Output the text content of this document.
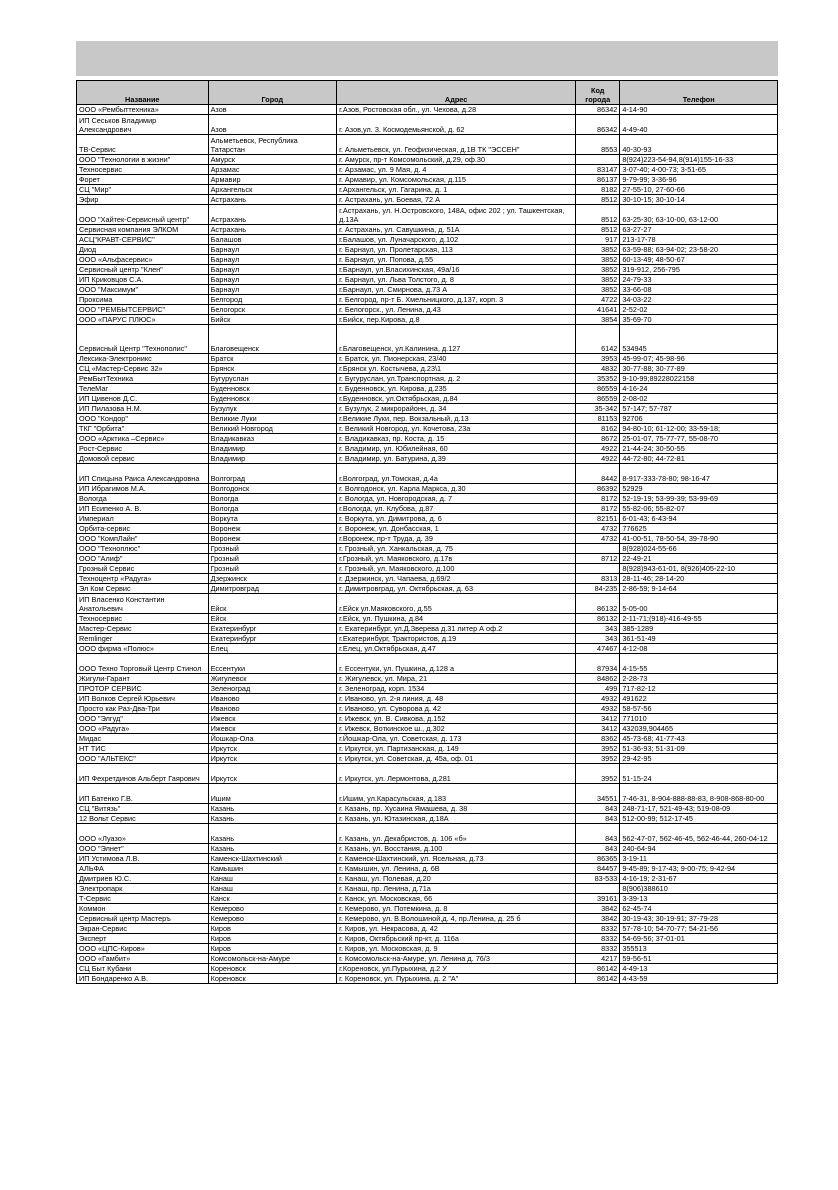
Название	Город	Адрес	Код города	Телефон
ООО «Рембыттехника»	Азов	г.Азов, Ростовская обл., ул. Чехова, д.28	86342	4-14-90
ИП Сеськов Владимир Александрович	Азов	г. Азов,ул. 3. Космодемьянской, д. 62	86342	4-49-40
ТВ-Сервис	Альметьевск, Республика Татарстан	г. Альметьевск, ул. Геофизическая, д.1В ТК "ЭССЕН"	8553	40-30-93
ООО "Технологии в жизни"	Амурск	г. Амурск, пр-т Комсомольский, д.29, оф.30		8(924)223-54-94,8(914)155-16-33
Техносервис	Арзамас	г. Арзамас, ул. 9 Мая, д. 4	83147	3-07-40; 4-00-73; 3-51-65
Форет	Армавир	г. Армавир, ул. Комсомольская, д.115	86137	9-79-99; 3-36-96
СЦ "Мир"	Архангельск	г.Архангельск, ул. Гагарина, д. 1	8182	27-55-10, 27-60-66
Эфир	Астрахань	г. Астрахань, ул. Боевая, 72 А	8512	30-10-15; 30-10-14
ООО "Хайтек-Сервисный центр"	Астрахань	г.Астрахань, ул. Н.Островского, 148А, офис 202 ; ул. Ташкентская, д.13А	8512	63-25-30; 63-10-00, 63-12-00
Сервисная компания ЭЛКОМ	Астрахань	г. Астрахань, ул. Савушкина, д. 51А	8512	63-27-27
АСЦ"КРАВТ-СЕРВИС"	Балашов	г.Балашов, ул. Луначарского, д.102	917	213-17-78
Диод	Барнаул	г. Барнаул, ул. Пролетарская, 113	3852	63-59-88; 63-94-02; 23-58-20
ООО «Альфасервис»	Барнаул	г. Барнаул, ул. Попова, д.55	3852	60-13-49; 48-50-67
Сервисный центр "Клен"	Барнаул	г.Барнаул, ул.Власихинская, 49а/16	3852	319-912, 256-795
ИП Криковцов С.А.	Барнаул	г. Барнаул, ул. Льва Толстого, д. 8	3852	24-79-33
ООО "Максимум"	Барнаул	г.Барнаул, ул. Смирнова, д.73 А	3852	33-66-08
Проксима	Белгород	г. Белгород, пр-т Б. Хмельницкого, д.137, корп. 3	4722	34-03-22
ООО "РЕМБЫТСЕРВИС"	Белогорск	г. Белогорск., ул. Ленина, д.43	41641	2-52-02
ООО «ПАРУС ПЛЮС»	Бийск	г.Бийск, пер.Кирова, д.8	3854	35-69-70
Сервисный Центр "Технополис"	Благовещенск	г.Благовещенск, ул.Калинина, д.127	6142	534945
Лексика-Электроникс	Братск	г. Братск, ул. Пионерская, 23/40	3953	45-99-07; 45-98-96
СЦ «Мастер-Сервис 32»	Брянск	г.Брянск ул. Костычева, д.23\1	4832	30-77-88; 30-77-89
РемБытТехника	Бугуруслан	г. Бугуруслан, ул.Транспортная, д. 2	35352	9-10-99;89228022158
ТелеМаг	Буденновск	г. Буденновск, ул. Кирова, д.235	86559	4-16-24
ИП Цивенов Д.С.	Буденновск	г.Буденновск, ул.Октябрьская, д.84	86559	2-08-02
ИП Пилазова Н.М.	Бузулук	г. Бузулук, 2 микрорайонн, д. 34	35-342	57-147; 57-787
ООО "Кондор"	Великие Луки	г.Великие Луки, пер. Вокзальный, д.13	81153	92706
ТКГ "Орбита"	Великий Новгород	г. Великий Новгород, ул. Кочетова, 23а	8162	94-80-10; 61-12-00; 33-59-18;
ООО «Арктика –Сервис»	Владикавказ	г. Владикавказ, пр. Коста, д. 15	8672	25-01-07, 75-77-77, 55-08-70
Рост-Сервис	Владимир	г. Владимир, ул. Юбилейная, 60	4922	21-44-24; 30-50-55
Домовой сервис	Владимир	г. Владимир, ул. Батурина, д.39	4922	44-72-80; 44-72-81
ИП Спицына Раиса Александровна	Волгоград	г.Волгоград, ул.Томская, д.4а	8442	8-917-333-78-80; 98-16-47
ИП Ибрагимов М.А.	Волгодонск	г. Волгодонск, ул. Карла Маркса, д.30	86392	52929
Вологда	Вологда	г. Вологда, ул. Новгородская, д. 7	8172	52-19-19; 53-99-39; 53-99-69
ИП Есипенко А. В.	Вологда	г.Вологда, ул. Клубова, д.87	8172	55-82-06; 55-82-07
Империал	Воркута	г. Воркута, ул. Димитрова, д. 6	82151	6-01-43; 6-43-94
Орбита-сервис	Воронеж	г. Воронеж, ул. Донбасская, 1	4732	776625
ООО "КомпЛайн"	Воронеж	г.Воронеж, пр-т Труда, д. 39	4732	41-00-51, 78-50-54, 39-78-90
ООО "Техноплюс"	Грозный	г. Грозный, ул. Ханкальская, д. 75		8(928)024-55-66
ООО "Алиф"	Грозный	г.Грозный, ул. Маяковского, д.17в	8712	22-49-21
Грозный Сервис	Грозный	г. Грозный, ул. Маяковского, д.100		8(928)943-61-01, 8(926)405-22-10
Техноцентр «Радуга»	Дзержинск	г. Дзержинск, ул. Чапаева, д.69/2	8313	28-11-46; 28-14-20
Эл Ком Сервис	Димитровград	г. Димитровград, ул. Октябрьская, д. 63	84-235	2-86-59; 9-14-64
ИП Власенко Константин Анатольевич	Ейск	г.Ейск ул.Маяковского, д.55	86132	5-05-00
Техносервис	Ейск	г.Ейск, ул. Пушкина, д.84	86132	2-11-71;(918)-416-49-55
Мастер-Сервис	Екатеринбург	г. Екатеринбург, ул.Д.Зверева д.31 литер А оф.2	343	385-1289
Remlinger	Екатеринбург	г.Екатеринбург, Трактористов, д.19	343	361-51-49
ООО фирма «Полюс»	Елец	г.Елец, ул.Октябрьская, д.47	47467	4-12-08
ООО Техно Торговый Центр Стинол	Ессентуки	г. Ессентуки, ул. Пушкина, д.128 а	87934	4-15-55
Жигули-Гарант	Жигулевск	г. Жигулевск, ул. Мира, 21	84862	2-28-73
ПРОТОР СЕРВИС	Зеленоград	г. Зеленоград, корп. 1534	499	717-82-12
ИП Волков Сергей Юрьевич	Иваново	г. Иваново, ул. 2-я линия, д. 48	4932	491622
Просто как Раз-Два-Три	Иваново	г. Иваново, ул. Суворова д. 42	4932	58-57-56
ООО "Элгуд"	Ижевск	г. Ижевск, ул. В. Сивкова, д.152	3412	771010
ООО «Радуга»	Ижевск	г. Ижевск, Воткинское ш., д.302	3412	432039,904465
Мидас	Йошкар-Ола	г.Йошкар-Ола, ул. Советская, д. 173	8362	45-73-68; 41-77-43
НТ ТИС	Иркутск	г. Иркутск, ул. Партизанская, д. 149	3952	51-36-93; 51-31-09
ООО "АЛЬТЕКС"	Иркутск	г. Иркутск, ул. Советская, д. 45а, оф. 01	3952	29-42-95
ИП Фехретдинов Альберт Гаярович	Иркутск	г. Иркутск, ул. Лермонтова, д.281	3952	51-15-24
ИП Батенко Г.В.	Ишим	г.Ишим, ул.Карасульская, д.183	34551	7-46-31, 8-904-888-88-83, 8-908-868-80-00
СЦ "Витязь"	Казань	г. Казань, пр. Хусаина Ямашева, д. 38	843	248-71-17, 521-49-43; 519-08-09
12 Вольт Сервис	Казань	г. Казань, ул. Ютазинская, д.18А	843	512-00-99; 512-17-45
ООО «Луазо»	Казань	г. Казань, ул. Декабристов, д. 106 «б»	843	562-47-07, 562-46-45, 562-46-44, 260-04-12
ООО "Элнет"	Казань	г. Казань, ул. Восстания, д.100	843	240-64-94
ИП Устимова Л.В.	Каменск-Шахтинский	г. Каменск-Шахтинский, ул. Ясельная, д.73	86365	3-19-11
АЛЬФА	Камышин	г. Камышин, ул. Ленина, д. 6В	84457	9-45-89; 9-17-43; 9-00-75; 9-42-94
Дмитриев Ю.С.	Канаш	г. Канаш, ул. Полевая, д.20	83-533	4-16-19; 2-31-67
Электропарк	Канаш	г. Канаш, пр. Ленина, д.71а		8(906)388610
Т-Сервис	Канск	г. Канск, ул. Московская, 66	39161	3-39-13
Коммон	Кемерово	г. Кемерово, ул. Потемкина, д. 8	3842	62-45-74
Сервисный центр Мастеръ	Кемерово	г. Кемерово, ул. В.Волошиной,д. 4, пр.Ленина, д. 25 б	3842	30-19-43; 30-19-91; 37-79-28
Экран-Сервис	Киров	г. Киров, ул. Некрасова, д. 42	8332	57-78-10; 54-70-77; 54-21-56
Эксперт	Киров	г. Киров, Октябрьский пр-кт, д. 116а	8332	54-69-56; 37-01-01
ООО «ЦПС-Киров»	Киров	г. Киров, ул. Московская, д. 9	8332	355513
ООО «Гамбит»	Комсомольск-на-Амуре	г. Комсомольск-на-Амуре, ул. Ленина д. 76/3	4217	59-56-51
СЦ Быт Кубани	Кореновск	г.Кореновск, ул.Пурыхина, д.2 У	86142	4-49-13
ИП Бондаренко А.В.	Кореновск	г. Кореновск, ул. Пурыхина, д. 2 "А"	86142	4-43-59
